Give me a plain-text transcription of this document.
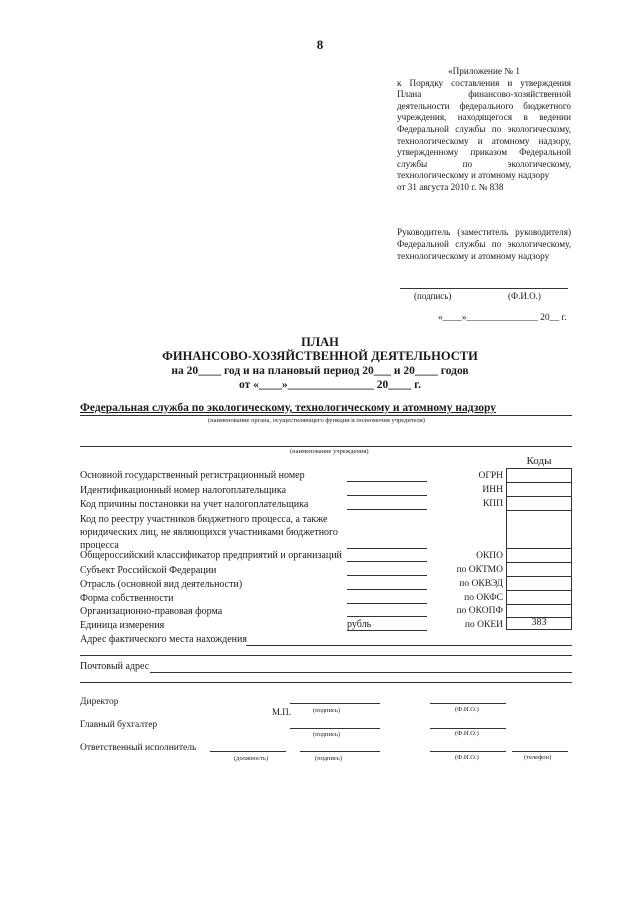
8
«Приложение № 1
к Порядку составления и утверждения Плана финансово-хозяйственной деятельности федерального бюджетного учреждения, находящегося в ведении Федеральной службы по экологическому, технологическому и атомному надзору, утвержденному приказом Федеральной службы по экологическому, технологическому и атомному надзору
от 31 августа 2010 г. № 838
Руководитель (заместитель руководителя) Федеральной службы по экологическому, технологическому и атомному надзору
(подпись)	(Ф.И.О.)
«____»_______________ 20__ г.
ПЛАН
ФИНАНСОВО-ХОЗЯЙСТВЕННОЙ ДЕЯТЕЛЬНОСТИ
на 20____ год и на плановый период 20___ и 20____ годов
от «____»_______________ 20____ г.
Федеральная служба по экологическому, технологическому и атомному надзору
(наименование органа, осуществляющего функции и полномочия учредителя)
(наименование учреждения)
Коды
Основной государственный регистрационный номер	ОГРН
Идентификационный номер налогоплательщика	ИНН
Код причины постановки на учет налогоплательщика	КПП
Код по реестру участников бюджетного процесса, а также
юридических лиц, не являющихся участниками бюджетного
процесса
Общероссийский классификатор предприятий и организаций	ОКПО
Субъект Российской Федерации	по ОКТМО
Отрасль (основной вид деятельности)	по ОКВЭД
Форма собственности	по ОКФС
Организационно-правовая форма	по ОКОПФ
Единица измерения	рубль	по ОКЕИ	383
Адрес фактического места нахождения
Почтовый адрес
Директор
М.П.	(подпись)	(Ф.И.О.)
Главный бухгалтер
(подпись)	(Ф.И.О.)
Ответственный исполнитель
(должность)	(подпись)	(Ф.И.О.)	(телефон)
